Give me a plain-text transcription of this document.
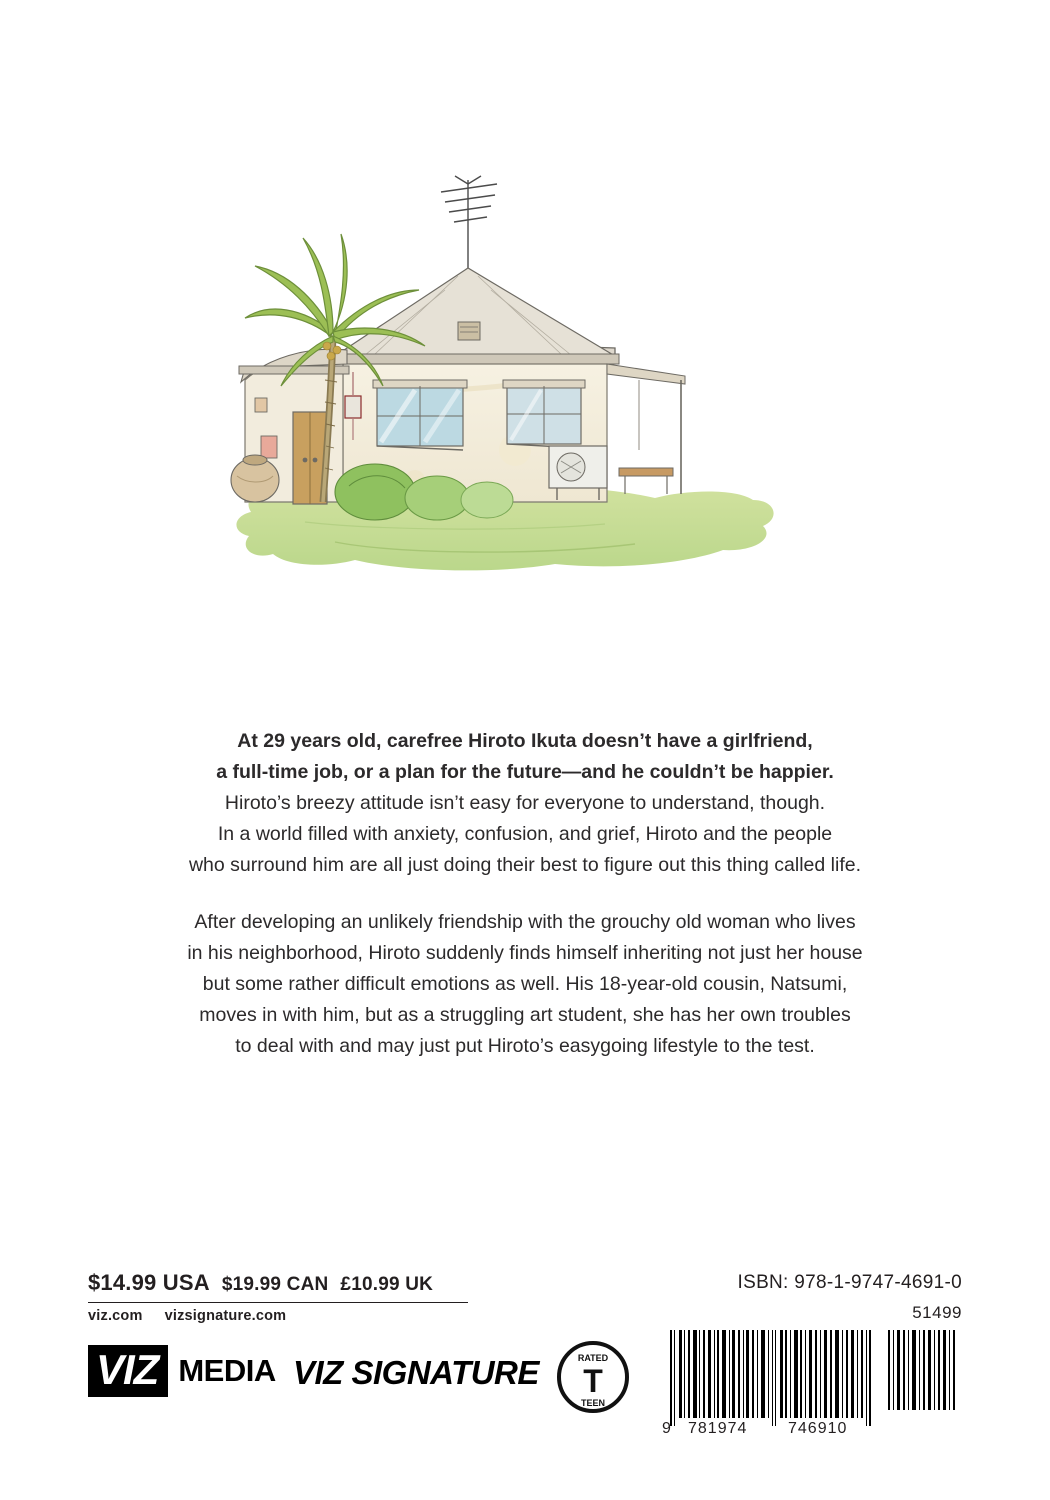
At 29 years old, carefree Hiroto Ikuta doesn’t have a girlfriend,

a full-time job, or a plan for the future—and he couldn’t be happier.

Hiroto’s breezy attitude isn’t easy for everyone to understand, though.

In a world filled with anxiety, confusion, and grief, Hiroto and the people

who surround him are all just doing their best to figure out this thing called life.

After developing an unlikely friendship with the grouchy old woman who lives

in his neighborhood, Hiroto suddenly finds himself inheriting not just her house

but some rather difficult emotions as well. His 18-year-old cousin, Natsumi,

moves in with him, but as a struggling art student, she has her own troubles

to deal with and may just put Hiroto’s easygoing lifestyle to the test.

$14.99 USA $19.99 CAN £10.99 UK
viz.com vizsignature.com
VIZ MEDIA VIZ SIGNATURE	RATED
T
TEEN
ISBN: 978-1-9747-4691-0
51499
9 781974	746910
